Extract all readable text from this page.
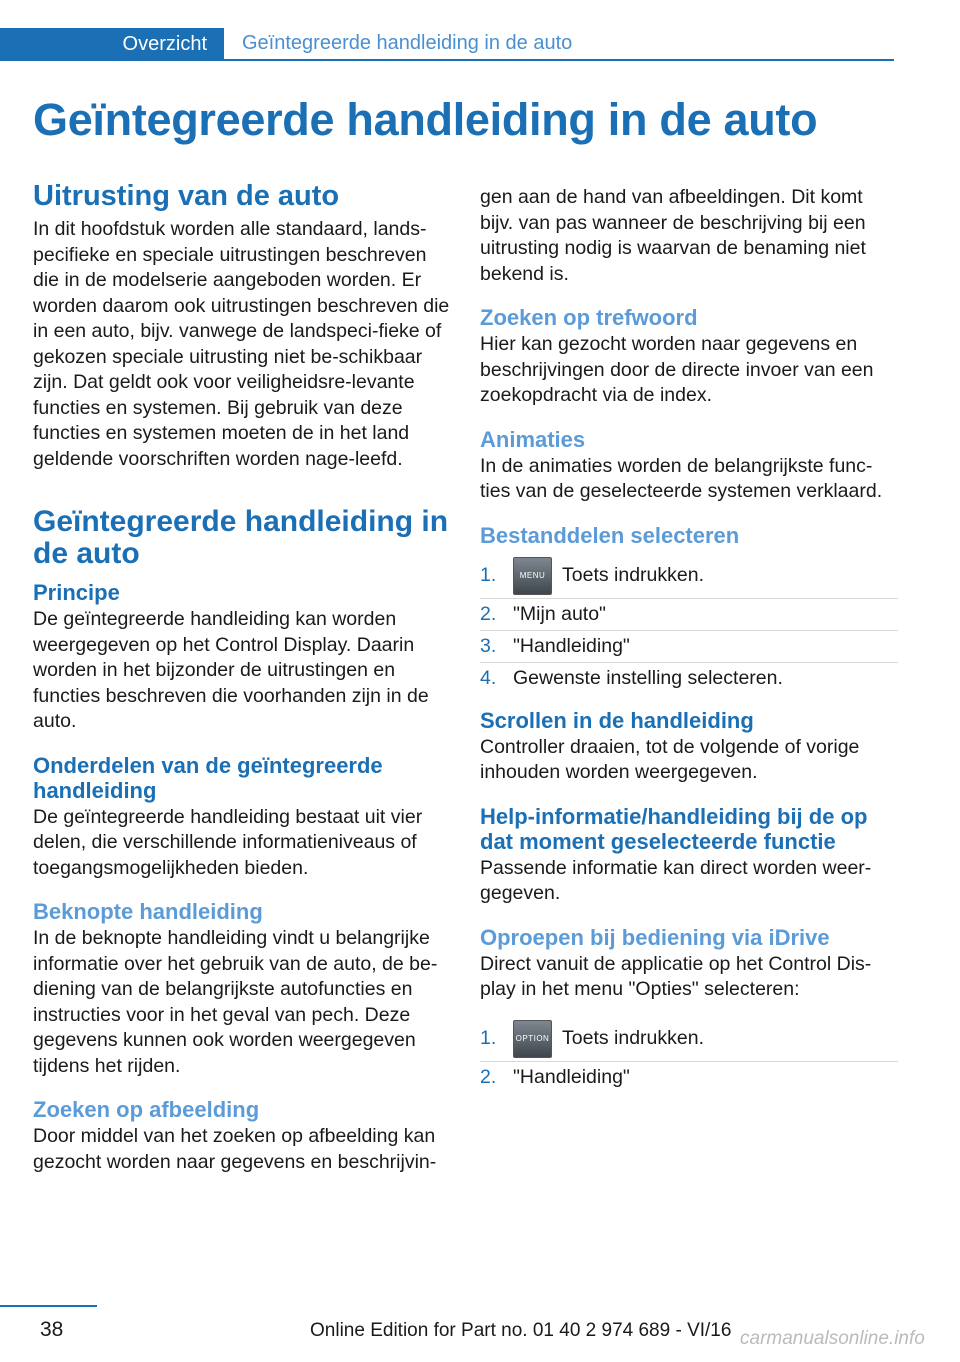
Overzicht	Geïntegreerde handleiding in de auto
Geïntegreerde handleiding in de auto
Uitrusting van de auto

In dit hoofdstuk worden alle standaard, lands-pecifieke en speciale uitrustingen beschreven die in de modelserie aangeboden worden. Er worden daarom ook uitrustingen beschreven die in een auto, bijv. vanwege de landspeci-fieke of gekozen speciale uitrusting niet be-schikbaar zijn. Dat geldt ook voor veiligheidsre-levante functies en systemen. Bij gebruik van deze functies en systemen moeten de in het land geldende voorschriften worden nage-leefd.

Geïntegreerde handleiding in de auto
Principe

De geïntegreerde handleiding kan worden weergegeven op het Control Display. Daarin worden in het bijzonder de uitrustingen en functies beschreven die voorhanden zijn in de auto.

Onderdelen van de geïntegreerde handleiding

De geïntegreerde handleiding bestaat uit vier delen, die verschillende informatieniveaus of toegangsmogelijkheden bieden.

Beknopte handleiding

In de beknopte handleiding vindt u belangrijke informatie over het gebruik van de auto, de be-diening van de belangrijkste autofuncties en instructies voor in het geval van pech. Deze gegevens kunnen ook worden weergegeven tijdens het rijden.

Zoeken op afbeelding

Door middel van het zoeken op afbeelding kan gezocht worden naar gegevens en beschrijvin-

gen aan de hand van afbeeldingen. Dit komt bijv. van pas wanneer de beschrijving bij een uitrusting nodig is waarvan de benaming niet bekend is.

Zoeken op trefwoord

Hier kan gezocht worden naar gegevens en beschrijvingen door de directe invoer van een zoekopdracht via de index.

Animaties

In de animaties worden de belangrijkste func-ties van de geselecteerde systemen verklaard.

Bestanddelen selecteren
1.	MENU Toets indrukken.
2. "Mijn auto"
3. "Handleiding"
4. Gewenste instelling selecteren.
Scrollen in de handleiding

Controller draaien, tot de volgende of vorige inhouden worden weergegeven.

Help-informatie/handleiding bij de op dat moment geselecteerde functie

Passende informatie kan direct worden weer-gegeven.

Oproepen bij bediening via iDrive

Direct vanuit de applicatie op het Control Dis-play in het menu "Opties" selecteren:

1.	OPTION Toets indrukken.
2. "Handleiding"
38	Online Edition for Part no. 01 40 2 974 689 - VI/16 carmanualsonline.info
